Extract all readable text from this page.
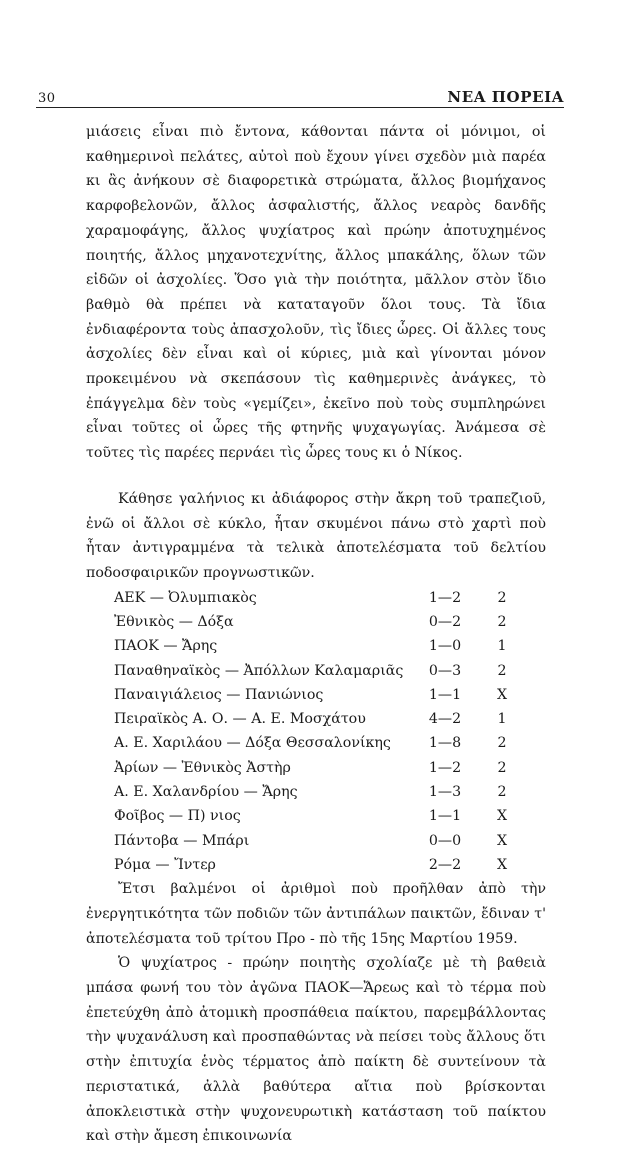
30	ΝΕΑ ΠΟΡΕΙΑ

μιάσεις εἶναι πιὸ ἔντονα, κάθονται πάντα οἱ μόνιμοι, οἱ καθημερινοὶ πελάτες, αὐτοὶ ποὺ ἔχουν γίνει σχεδὸν μιὰ παρέα κι ἂς ἀνήκουν σὲ διαφορετικὰ στρώματα, ἄλλος βιομήχανος καρφοβελονῶν, ἄλλος ἀσφαλιστής, ἄλλος νεαρὸς δανδῆς χαραμοφάγης, ἄλλος ψυχίατρος καὶ πρώην ἀποτυχημένος ποιητής, ἄλλος μηχανοτεχνίτης, ἄλλος μπακάλης, ὅλων τῶν εἰδῶν οἱ ἀσχολίες. Ὅσο γιὰ τὴν ποιότητα, μᾶλλον στὸν ἴδιο βαθμὸ θὰ πρέπει νὰ καταταγοῦν ὅλοι τους. Τὰ ἴδια ἐνδιαφέροντα τοὺς ἀπασχολοῦν, τὶς ἴδιες ὧρες. Οἱ ἄλλες τους ἀσχολίες δὲν εἶναι καὶ οἱ κύριες, μιὰ καὶ γίνονται μόνον προκειμένου νὰ σκεπάσουν τὶς καθημερινὲς ἀνάγκες, τὸ ἐπάγγελμα δὲν τοὺς «γεμίζει», ἐκεῖνο ποὺ τοὺς συμπληρώνει εἶναι τοῦτες οἱ ὧρες τῆς φτηνῆς ψυχαγωγίας. Ἀνάμεσα σὲ τοῦτες τὶς παρέες περνάει τὶς ὧρες τους κι ὁ Νίκος.

Κάθησε γαλήνιος κι ἀδιάφορος στὴν ἄκρη τοῦ τραπεζιοῦ, ἐνῶ οἱ ἄλλοι σὲ κύκλο, ἦταν σκυμένοι πάνω στὸ χαρτὶ ποὺ ἦταν ἀντιγραμμένα τὰ τελικὰ ἀποτελέσματα τοῦ δελτίου ποδοσφαιρικῶν προγνωστικῶν.

ΑΕΚ — Ὀλυμπιακὸς	1—2	2
Ἐθνικὸς — Δόξα	0—2	2
ΠΑΟΚ — Ἄρης	1—0	1
Παναθηναϊκὸς — Ἀπόλλων Καλαμαριᾶς	0—3	2
Παναιγιάλειος — Πανιώνιος	1—1	Χ
Πειραϊκὸς Α. Ο. — Α. Ε. Μοσχάτου	4—2	1
Α. Ε. Χαριλάου — Δόξα Θεσσαλονίκης	1—8	2
Ἀρίων — Ἐθνικὸς Ἀστὴρ	1—2	2
Α. Ε. Χαλανδρίου — Ἄρης	1—3	2
Φοῖβος — Π) νιος	1—1	Χ
Πάντοβα — Μπάρι	0—0	Χ
Ρόμα — Ἴντερ	2—2	Χ

Ἔτσι βαλμένοι οἱ ἀριθμοὶ ποὺ προῆλθαν ἀπὸ τὴν ἐνεργητικότητα τῶν ποδιῶν τῶν ἀντιπάλων παικτῶν, ἔδιναν τ' ἀποτελέσματα τοῦ τρίτου Προ - πὸ τῆς 15ης Μαρτίου 1959.

Ὁ ψυχίατρος - πρώην ποιητὴς σχολίαζε μὲ τὴ βαθειὰ μπάσα φωνή του τὸν ἀγῶνα ΠΑΟΚ—Ἄρεως καὶ τὸ τέρμα ποὺ ἐπετεύχθη ἀπὸ ἀτομικὴ προσπάθεια παίκτου, παρεμβάλλοντας τὴν ψυχανάλυση καὶ προσπαθώντας νὰ πείσει τοὺς ἄλλους ὅτι στὴν ἐπιτυχία ἑνὸς τέρματος ἀπὸ παίκτη δὲ συντείνουν τὰ περιστατικά, ἀλλὰ βαθύτερα αἴτια ποὺ βρίσκονται ἀποκλειστικὰ στὴν ψυχονευρωτικὴ κατάσταση τοῦ παίκτου καὶ στὴν ἄμεση ἐπικοινωνία
